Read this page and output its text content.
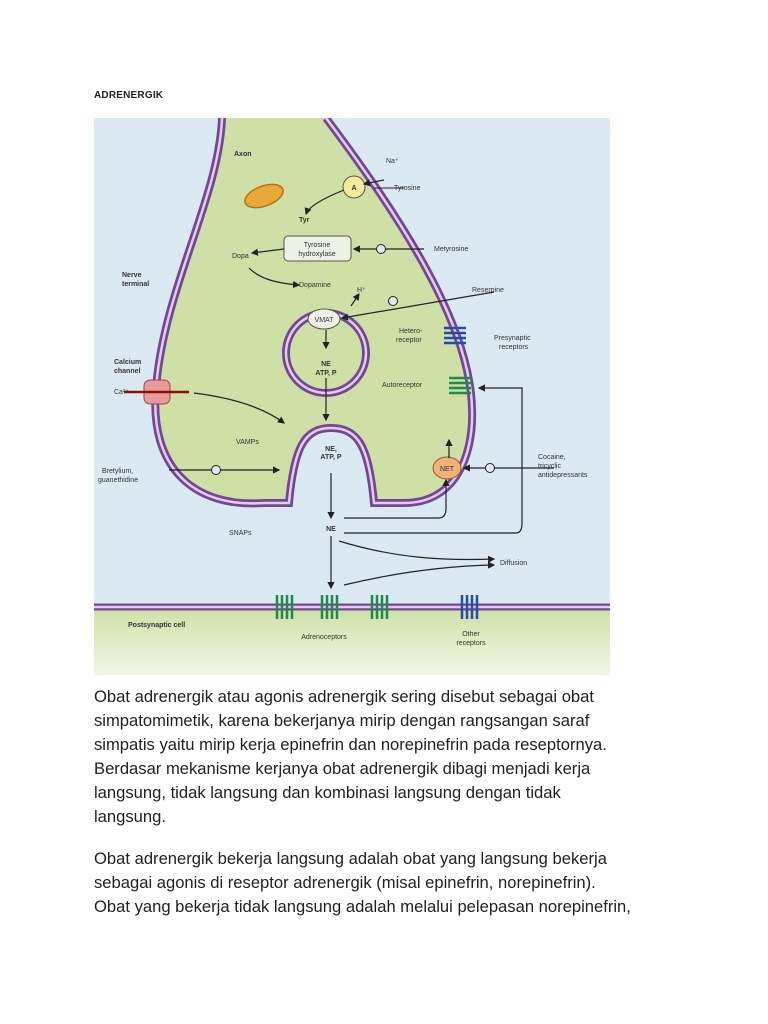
ADRENERGIK
A
Axon
Na⁺
Tyrosine
Tyr
Tyrosine
hydroxylase
Metyrosine
Dopa
Dopamine
H⁺
Nerve
terminal
Reserpine
VMAT
NE
ATP, P
Hetero-
receptor	Presynaptic
receptors
Calcium
channel
Autoreceptor
Ca²⁺
VAMPs
NE,
ATP, P
Bretylium,
guanethidine
NET
Cocaine,
tricyclic
antidepressants
SNAPs
NE
Diffusion
Postsynaptic cell
Adrenoceptors	Other
receptors
Obat adrenergik atau agonis adrenergik sering disebut sebagai obat
simpatomimetik, karena bekerjanya mirip dengan rangsangan saraf
simpatis yaitu mirip kerja epinefrin dan norepinefrin pada reseptornya.
Berdasar mekanisme kerjanya obat adrenergik dibagi menjadi kerja
langsung, tidak langsung dan kombinasi langsung dengan tidak
langsung.
Obat adrenergik bekerja langsung adalah obat yang langsung bekerja
sebagai agonis di reseptor adrenergik (misal epinefrin, norepinefrin).
Obat yang bekerja tidak langsung adalah melalui pelepasan norepinefrin,
